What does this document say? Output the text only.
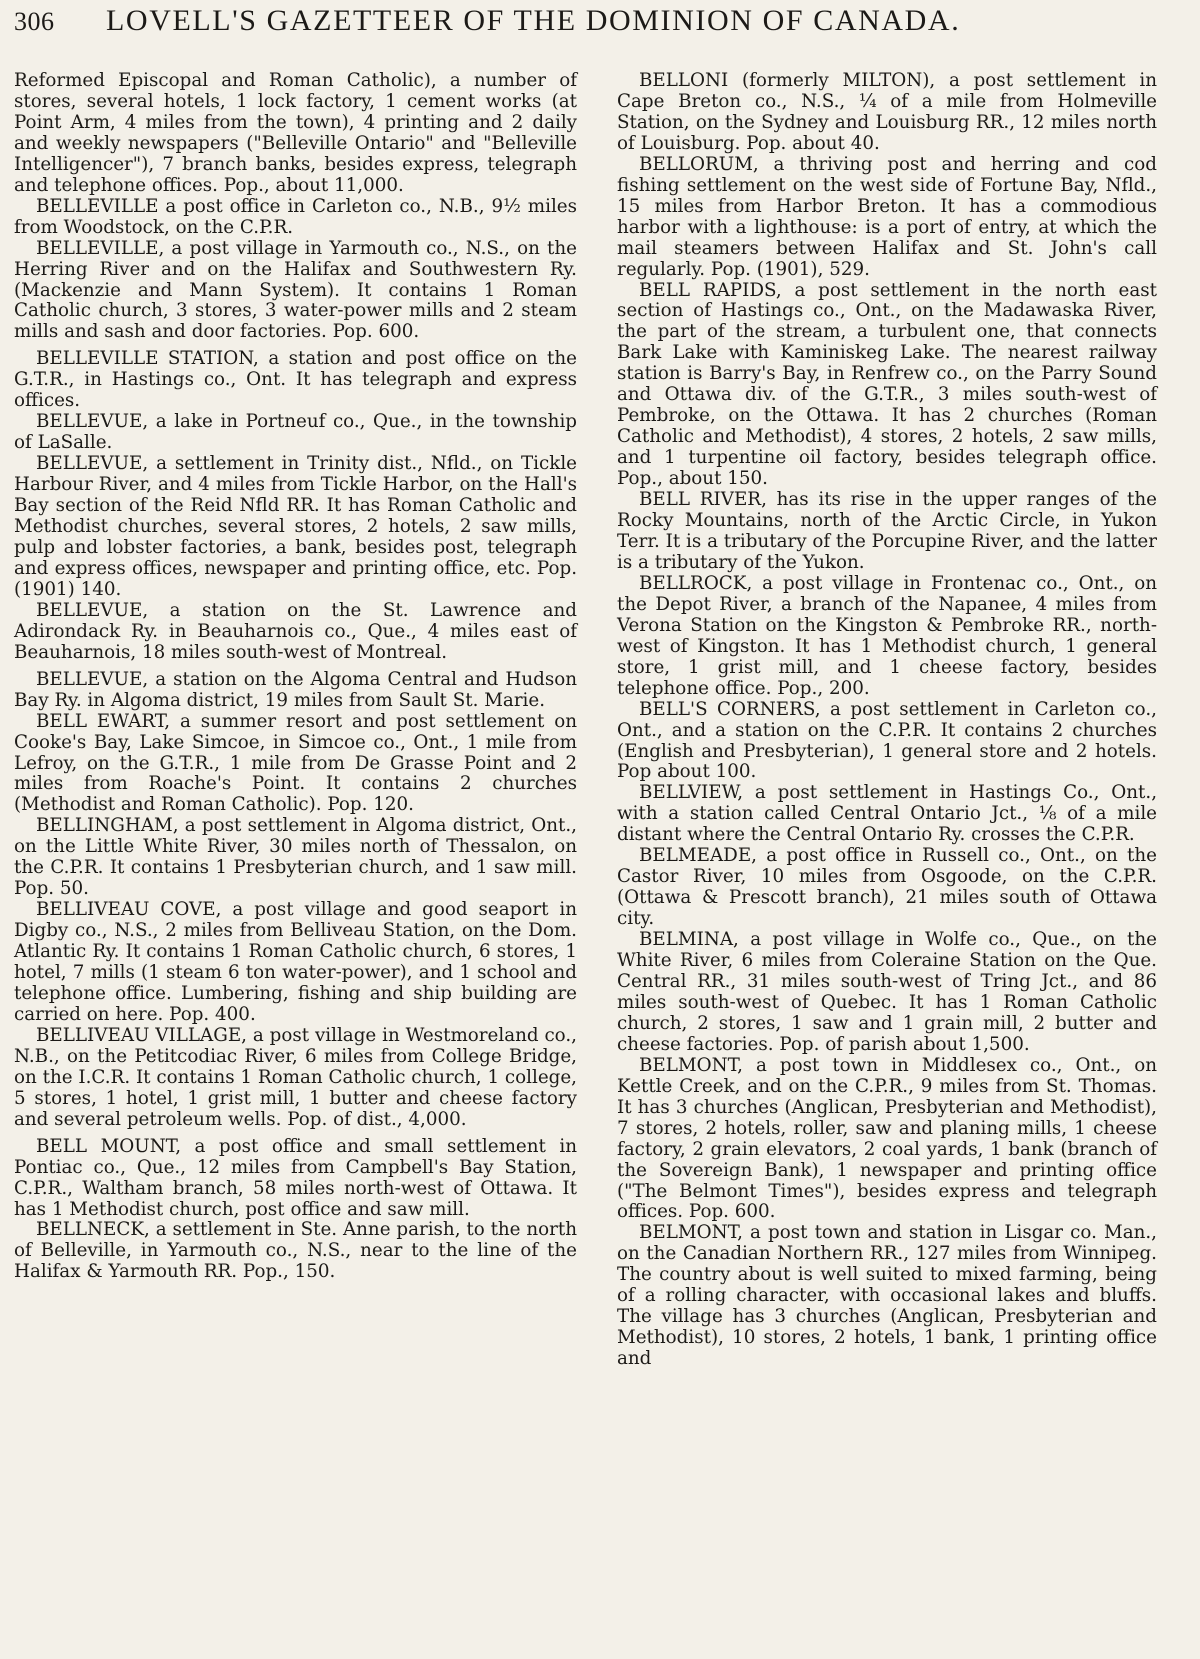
306	LOVELL'S GAZETTEER OF THE DOMINION OF CANADA.

Reformed Episcopal and Roman Catholic), a number of stores, several hotels, 1 lock factory, 1 cement works (at Point Arm, 4 miles from the town), 4 printing and 2 daily and weekly newspapers ("Belleville Ontario" and "Belleville Intelligencer"), 7 branch banks, besides express, telegraph and telephone offices. Pop., about 11,000.

BELLEVILLE a post office in Carleton co., N.B., 9½ miles from Woodstock, on the C.P.R.

BELLEVILLE, a post village in Yarmouth co., N.S., on the Herring River and on the Halifax and Southwestern Ry. (Mackenzie and Mann System). It contains 1 Roman Catholic church, 3 stores, 3 water-power mills and 2 steam mills and sash and door factories. Pop. 600.

BELLEVILLE STATION, a station and post office on the G.T.R., in Hastings co., Ont. It has telegraph and express offices.

BELLEVUE, a lake in Portneuf co., Que., in the township of LaSalle.

BELLEVUE, a settlement in Trinity dist., Nfld., on Tickle Harbour River, and 4 miles from Tickle Harbor, on the Hall's Bay section of the Reid Nfld RR. It has Roman Catholic and Methodist churches, several stores, 2 hotels, 2 saw mills, pulp and lobster factories, a bank, besides post, telegraph and express offices, newspaper and printing office, etc. Pop. (1901) 140.

BELLEVUE, a station on the St. Lawrence and Adirondack Ry. in Beauharnois co., Que., 4 miles east of Beauharnois, 18 miles south-west of Montreal.

BELLEVUE, a station on the Algoma Central and Hudson Bay Ry. in Algoma district, 19 miles from Sault St. Marie.

BELL EWART, a summer resort and post settlement on Cooke's Bay, Lake Simcoe, in Simcoe co., Ont., 1 mile from Lefroy, on the G.T.R., 1 mile from De Grasse Point and 2 miles from Roache's Point. It contains 2 churches (Methodist and Roman Catholic). Pop. 120.

BELLINGHAM, a post settlement in Algoma district, Ont., on the Little White River, 30 miles north of Thessalon, on the C.P.R. It contains 1 Presbyterian church, and 1 saw mill. Pop. 50.

BELLIVEAU COVE, a post village and good seaport in Digby co., N.S., 2 miles from Belliveau Station, on the Dom. Atlantic Ry. It contains 1 Roman Catholic church, 6 stores, 1 hotel, 7 mills (1 steam 6 ton water-power), and 1 school and telephone office. Lumbering, fishing and ship building are carried on here. Pop. 400.

BELLIVEAU VILLAGE, a post village in Westmoreland co., N.B., on the Petitcodiac River, 6 miles from College Bridge, on the I.C.R. It contains 1 Roman Catholic church, 1 college, 5 stores, 1 hotel, 1 grist mill, 1 butter and cheese factory and several petroleum wells. Pop. of dist., 4,000.

BELL MOUNT, a post office and small settlement in Pontiac co., Que., 12 miles from Campbell's Bay Station, C.P.R., Waltham branch, 58 miles north-west of Ottawa. It has 1 Methodist church, post office and saw mill.

BELLNECK, a settlement in Ste. Anne parish, to the north of Belleville, in Yarmouth co., N.S., near to the line of the Halifax & Yarmouth RR. Pop., 150.

BELLONI (formerly MILTON), a post settlement in Cape Breton co., N.S., ¼ of a mile from Holmeville Station, on the Sydney and Louisburg RR., 12 miles north of Louisburg. Pop. about 40.

BELLORUM, a thriving post and herring and cod fishing settlement on the west side of Fortune Bay, Nfld., 15 miles from Harbor Breton. It has a commodious harbor with a lighthouse: is a port of entry, at which the mail steamers between Halifax and St. John's call regularly. Pop. (1901), 529.

BELL RAPIDS, a post settlement in the north east section of Hastings co., Ont., on the Madawaska River, the part of the stream, a turbulent one, that connects Bark Lake with Kaminiskeg Lake. The nearest railway station is Barry's Bay, in Renfrew co., on the Parry Sound and Ottawa div. of the G.T.R., 3 miles south-west of Pembroke, on the Ottawa. It has 2 churches (Roman Catholic and Methodist), 4 stores, 2 hotels, 2 saw mills, and 1 turpentine oil factory, besides telegraph office. Pop., about 150.

BELL RIVER, has its rise in the upper ranges of the Rocky Mountains, north of the Arctic Circle, in Yukon Terr. It is a tributary of the Porcupine River, and the latter is a tributary of the Yukon.

BELLROCK, a post village in Frontenac co., Ont., on the Depot River, a branch of the Napanee, 4 miles from Verona Station on the Kingston & Pembroke RR., north-west of Kingston. It has 1 Methodist church, 1 general store, 1 grist mill, and 1 cheese factory, besides telephone office. Pop., 200.

BELL'S CORNERS, a post settlement in Carleton co., Ont., and a station on the C.P.R. It contains 2 churches (English and Presbyterian), 1 general store and 2 hotels. Pop about 100.

BELLVIEW, a post settlement in Hastings Co., Ont., with a station called Central Ontario Jct., ⅛ of a mile distant where the Central Ontario Ry. crosses the C.P.R.

BELMEADE, a post office in Russell co., Ont., on the Castor River, 10 miles from Osgoode, on the C.P.R. (Ottawa & Prescott branch), 21 miles south of Ottawa city.

BELMINA, a post village in Wolfe co., Que., on the White River, 6 miles from Coleraine Station on the Que. Central RR., 31 miles south-west of Tring Jct., and 86 miles south-west of Quebec. It has 1 Roman Catholic church, 2 stores, 1 saw and 1 grain mill, 2 butter and cheese factories. Pop. of parish about 1,500.

BELMONT, a post town in Middlesex co., Ont., on Kettle Creek, and on the C.P.R., 9 miles from St. Thomas. It has 3 churches (Anglican, Presbyterian and Methodist), 7 stores, 2 hotels, roller, saw and planing mills, 1 cheese factory, 2 grain elevators, 2 coal yards, 1 bank (branch of the Sovereign Bank), 1 newspaper and printing office ("The Belmont Times"), besides express and telegraph offices. Pop. 600.

BELMONT, a post town and station in Lisgar co. Man., on the Canadian Northern RR., 127 miles from Winnipeg. The country about is well suited to mixed farming, being of a rolling character, with occasional lakes and bluffs. The village has 3 churches (Anglican, Presbyterian and Methodist), 10 stores, 2 hotels, 1 bank, 1 printing office and
